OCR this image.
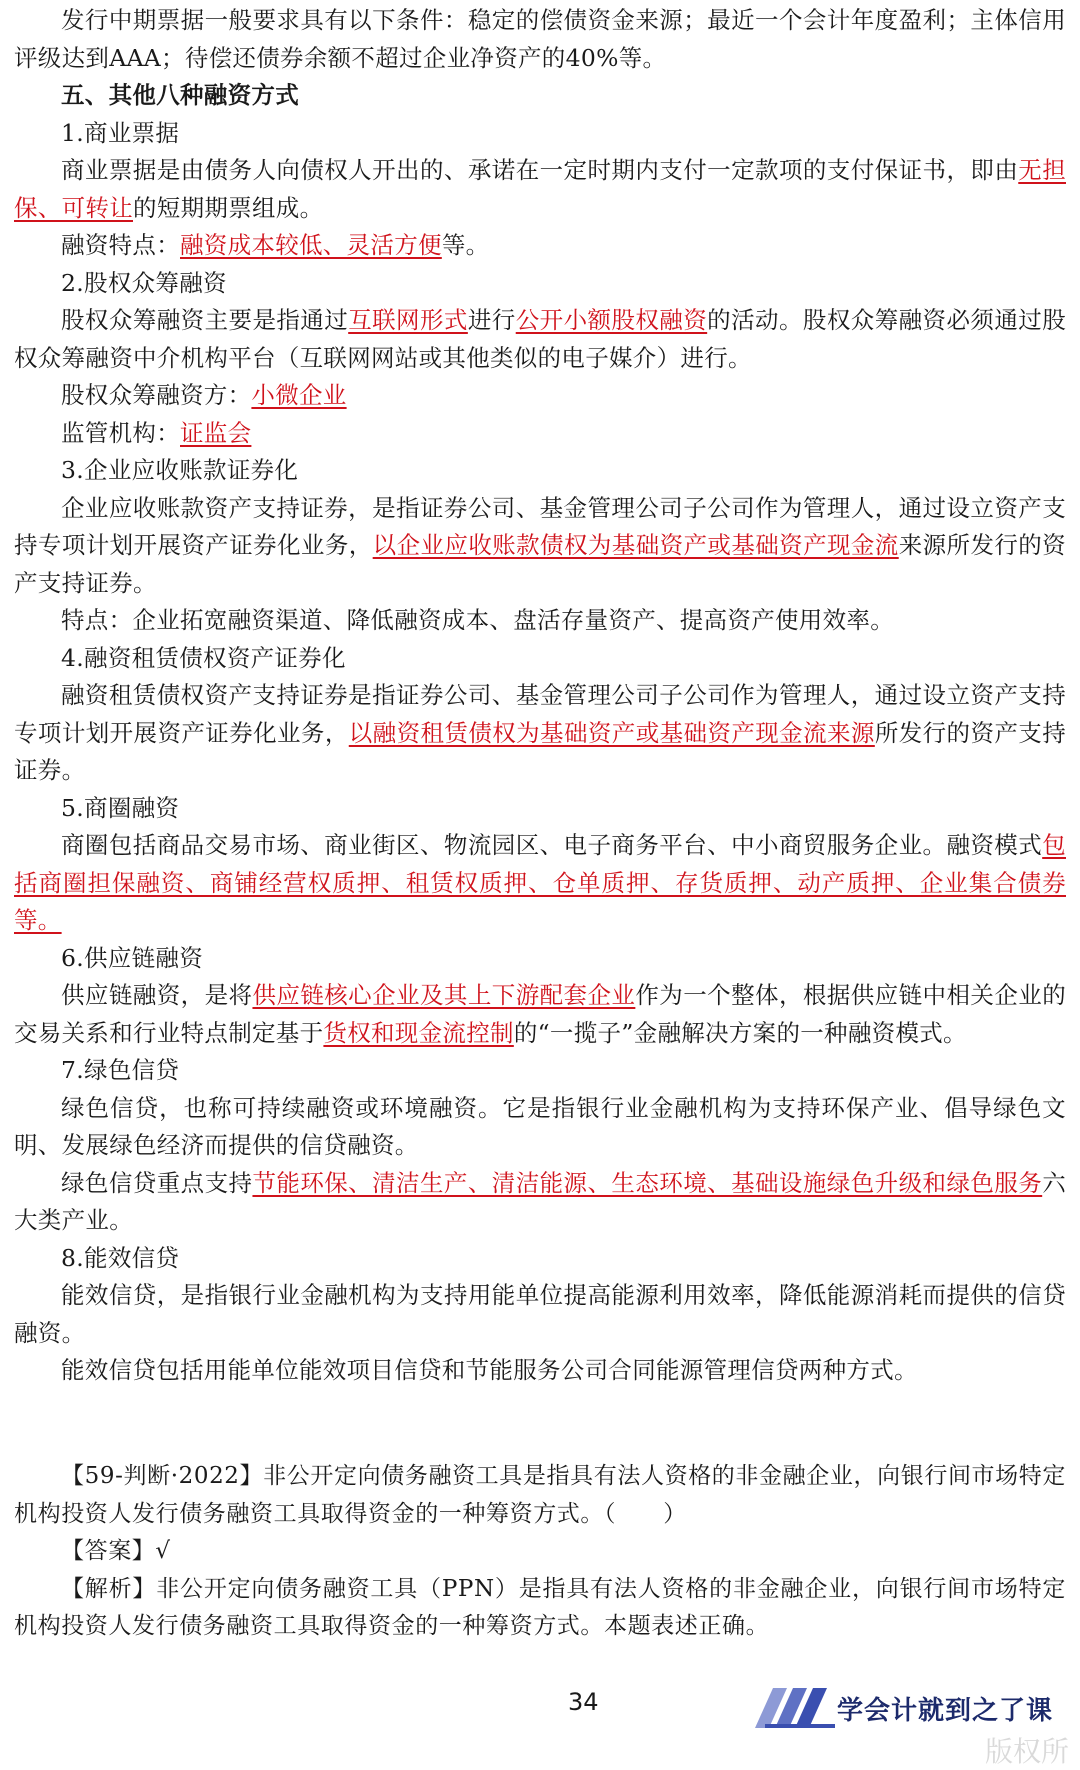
发行中期票据一般要求具有以下条件：稳定的偿债资金来源；最近一个会计年度盈利；主体信用评级达到AAA；待偿还债券余额不超过企业净资产的40%等。

五、其他八种融资方式

1.商业票据

商业票据是由债务人向债权人开出的、承诺在一定时期内支付一定款项的支付保证书，即由无担保、可转让的短期期票组成。

融资特点：融资成本较低、灵活方便等。

2.股权众筹融资

股权众筹融资主要是指通过互联网形式进行公开小额股权融资的活动。股权众筹融资必须通过股权众筹融资中介机构平台（互联网网站或其他类似的电子媒介）进行。

股权众筹融资方：小微企业

监管机构：证监会

3.企业应收账款证券化

企业应收账款资产支持证券，是指证券公司、基金管理公司子公司作为管理人，通过设立资产支持专项计划开展资产证券化业务，以企业应收账款债权为基础资产或基础资产现金流来源所发行的资产支持证券。

特点：企业拓宽融资渠道、降低融资成本、盘活存量资产、提高资产使用效率。

4.融资租赁债权资产证券化

融资租赁债权资产支持证券是指证券公司、基金管理公司子公司作为管理人，通过设立资产支持专项计划开展资产证券化业务，以融资租赁债权为基础资产或基础资产现金流来源所发行的资产支持证券。

5.商圈融资

商圈包括商品交易市场、商业街区、物流园区、电子商务平台、中小商贸服务企业。融资模式包括商圈担保融资、商铺经营权质押、租赁权质押、仓单质押、存货质押、动产质押、企业集合债券等。

6.供应链融资

供应链融资，是将供应链核心企业及其上下游配套企业作为一个整体，根据供应链中相关企业的交易关系和行业特点制定基于货权和现金流控制的“一揽子”金融解决方案的一种融资模式。

7.绿色信贷

绿色信贷，也称可持续融资或环境融资。它是指银行业金融机构为支持环保产业、倡导绿色文明、发展绿色经济而提供的信贷融资。

绿色信贷重点支持节能环保、清洁生产、清洁能源、生态环境、基础设施绿色升级和绿色服务六大类产业。

8.能效信贷

能效信贷，是指银行业金融机构为支持用能单位提高能源利用效率，降低能源消耗而提供的信贷融资。

能效信贷包括用能单位能效项目信贷和节能服务公司合同能源管理信贷两种方式。

【59-判断·2022】非公开定向债务融资工具是指具有法人资格的非金融企业，向银行间市场特定机构投资人发行债务融资工具取得资金的一种筹资方式。（　　）

【答案】√

【解析】非公开定向债务融资工具（PPN）是指具有法人资格的非金融企业，向银行间市场特定机构投资人发行债务融资工具取得资金的一种筹资方式。本题表述正确。

34	学会计就到之了课
版权所
